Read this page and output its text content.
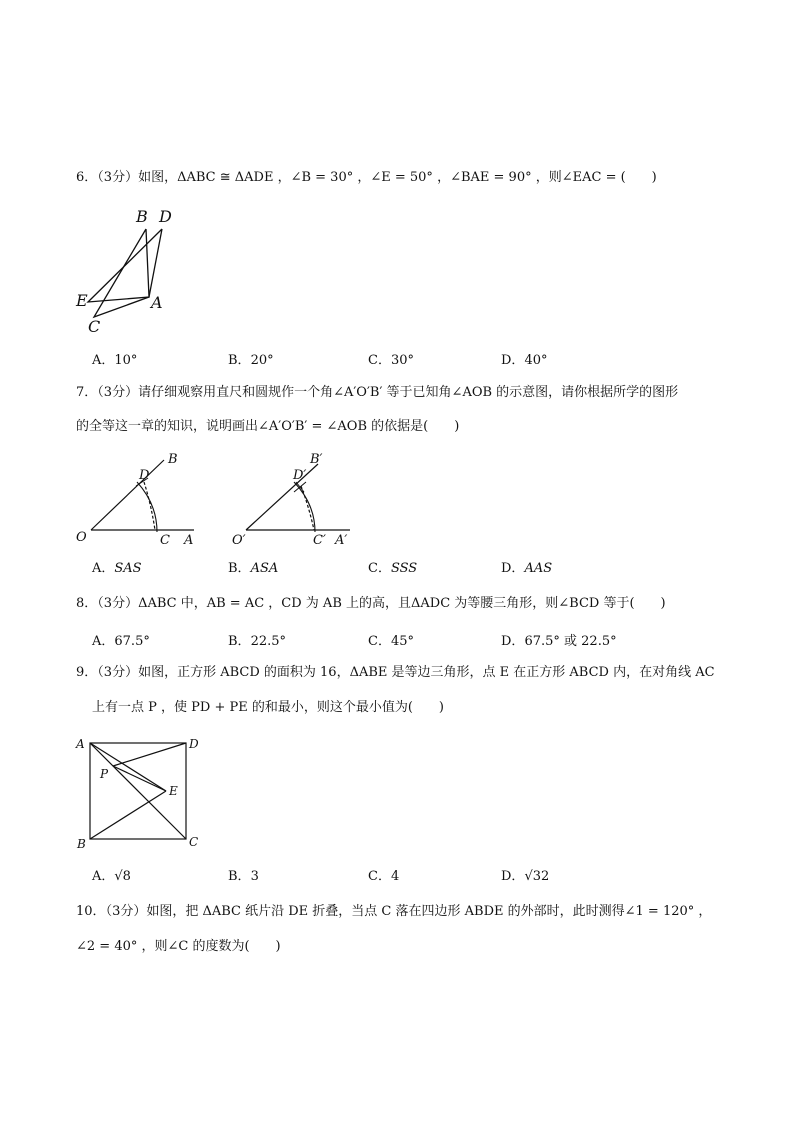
6．（3分）如图，ΔABC ≅ ΔADE ，∠B = 30° ，∠E = 50° ，∠BAE = 90° ，则∠EAC = (　　)
B D
E	A
C
A．10°	B．20°	C．30°	D．40°
7．（3分）请仔细观察用直尺和圆规作一个角∠A′O′B′ 等于已知角∠AOB 的示意图，请你根据所学的图形
的全等这一章的知识，说明画出∠A′O′B′ = ∠AOB 的依据是(　　)
D
B
O	C A
B′
D′
O′	C′ A′
A．SAS	B．ASA	C．SSS	D．AAS
8．（3分）ΔABC 中，AB = AC ，CD 为 AB 上的高，且ΔADC 为等腰三角形，则∠BCD 等于(　　)
A．67.5°	B．22.5°	C．45°	D．67.5° 或 22.5°
9．（3分）如图，正方形 ABCD 的面积为 16，ΔABE 是等边三角形，点 E 在正方形 ABCD 内，在对角线 AC
上有一点 P ，使 PD + PE 的和最小，则这个最小值为(　　)
A	D
P
E
B	C
A．√8	B．3	C．4	D．√32
10．（3分）如图，把 ΔABC 纸片沿 DE 折叠，当点 C 落在四边形 ABDE 的外部时，此时测得∠1 = 120° ，
∠2 = 40° ，则∠C 的度数为(　　)
